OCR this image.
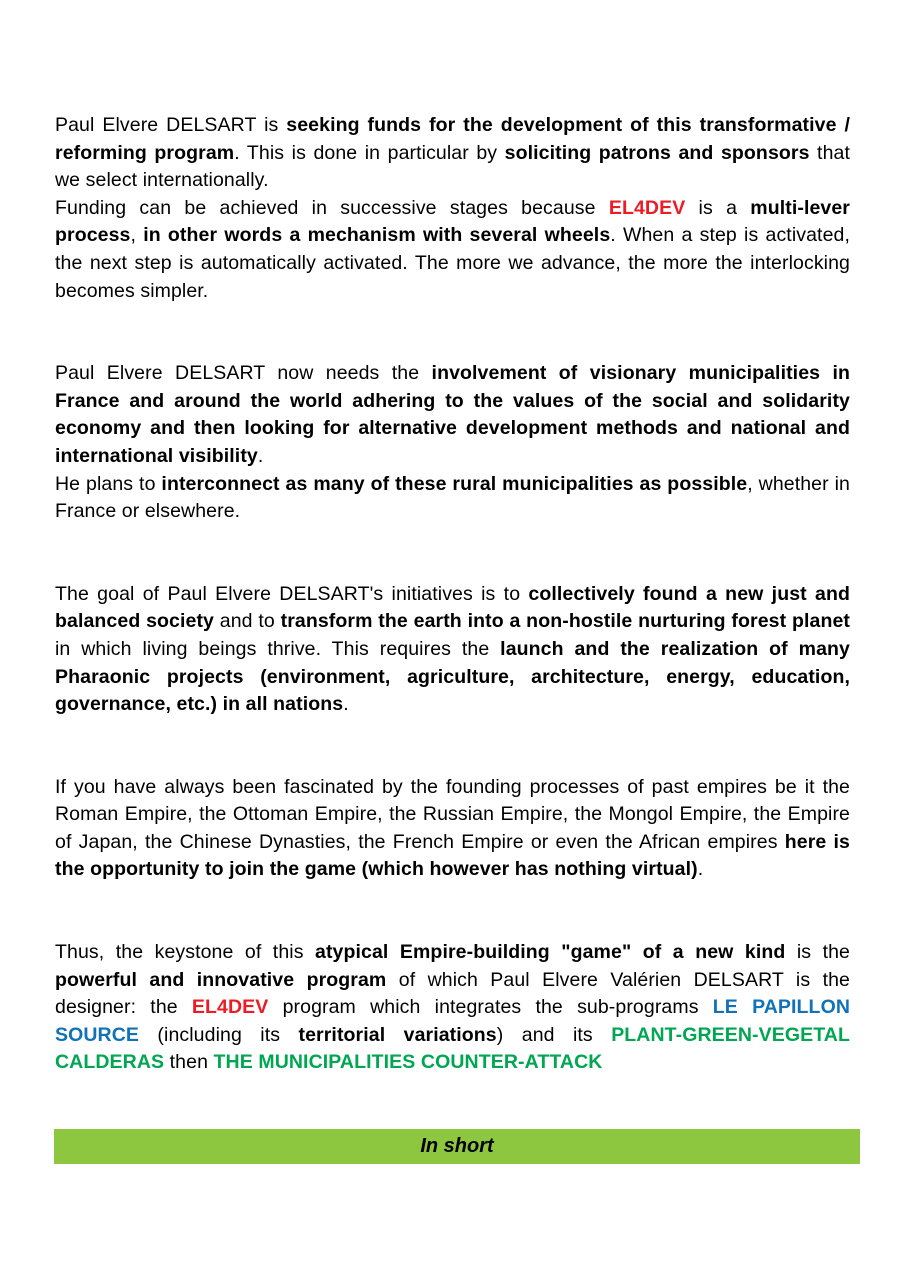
Paul Elvere DELSART is seeking funds for the development of this transformative / reforming program. This is done in particular by soliciting patrons and sponsors that we select internationally.

Funding can be achieved in successive stages because EL4DEV is a multi-lever process, in other words a mechanism with several wheels. When a step is activated, the next step is automatically activated. The more we advance, the more the interlocking becomes simpler.

Paul Elvere DELSART now needs the involvement of visionary municipalities in France and around the world adhering to the values of the social and solidarity economy and then looking for alternative development methods and national and international visibility.

He plans to interconnect as many of these rural municipalities as possible, whether in France or elsewhere.

The goal of Paul Elvere DELSART's initiatives is to collectively found a new just and balanced society and to transform the earth into a non-hostile nurturing forest planet in which living beings thrive. This requires the launch and the realization of many Pharaonic projects (environment, agriculture, architecture, energy, education, governance, etc.) in all nations.

If you have always been fascinated by the founding processes of past empires be it the Roman Empire, the Ottoman Empire, the Russian Empire, the Mongol Empire, the Empire of Japan, the Chinese Dynasties, the French Empire or even the African empires here is the opportunity to join the game (which however has nothing virtual).

Thus, the keystone of this atypical Empire-building "game" of a new kind is the powerful and innovative program of which Paul Elvere Valérien DELSART is the designer: the EL4DEV program which integrates the sub-programs LE PAPILLON SOURCE (including its territorial variations) and its PLANT-GREEN-VEGETAL CALDERAS then THE MUNICIPALITIES COUNTER-ATTACK

In short
